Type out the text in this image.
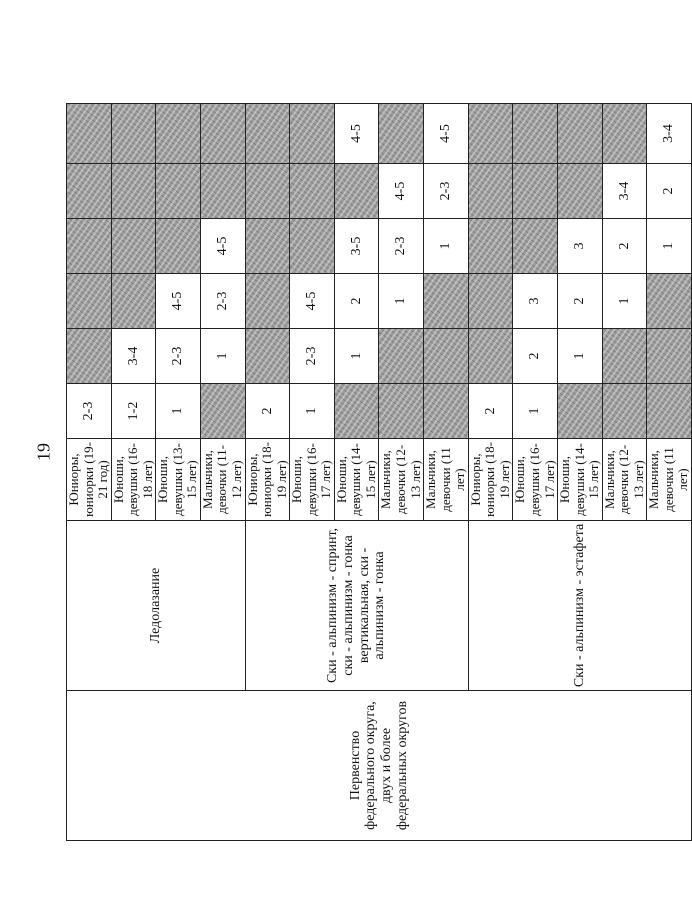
19
Первенство федерального округа, двух и более федеральных округов	Ледолазание	Юниоры, юниорки (19-21 год)	2-3					
		Юноши, девушки (16-18 лет)	1-2	3-4				
		Юноши, девушки (13-15 лет)	1	2-3	4-5			
		Мальчики, девочки (11-12 лет)		1	2-3	4-5		
	Ски - альпинизм - спринт, ски - альпинизм - гонка вертикальная, ски - альпинизм - гонка	Юниоры, юниорки (18-19 лет)	2					
		Юноши, девушки (16-17 лет)	1	2-3	4-5			
		Юноши, девушки (14-15 лет)		1	2	3-5		4-5
		Мальчики, девочки (12-13 лет)			1	2-3	4-5	
		Мальчики, девочки (11 лет)				1	2-3	4-5
	Ски - альпинизм - эстафета	Юниоры, юниорки (18-19 лет)	2					
		Юноши, девушки (16-17 лет)	1	2	3			
		Юноши, девушки (14-15 лет)		1	2	3		
		Мальчики, девочки (12-13 лет)			1	2	3-4	
		Мальчики, девочки (11 лет)				1	2	3-4
